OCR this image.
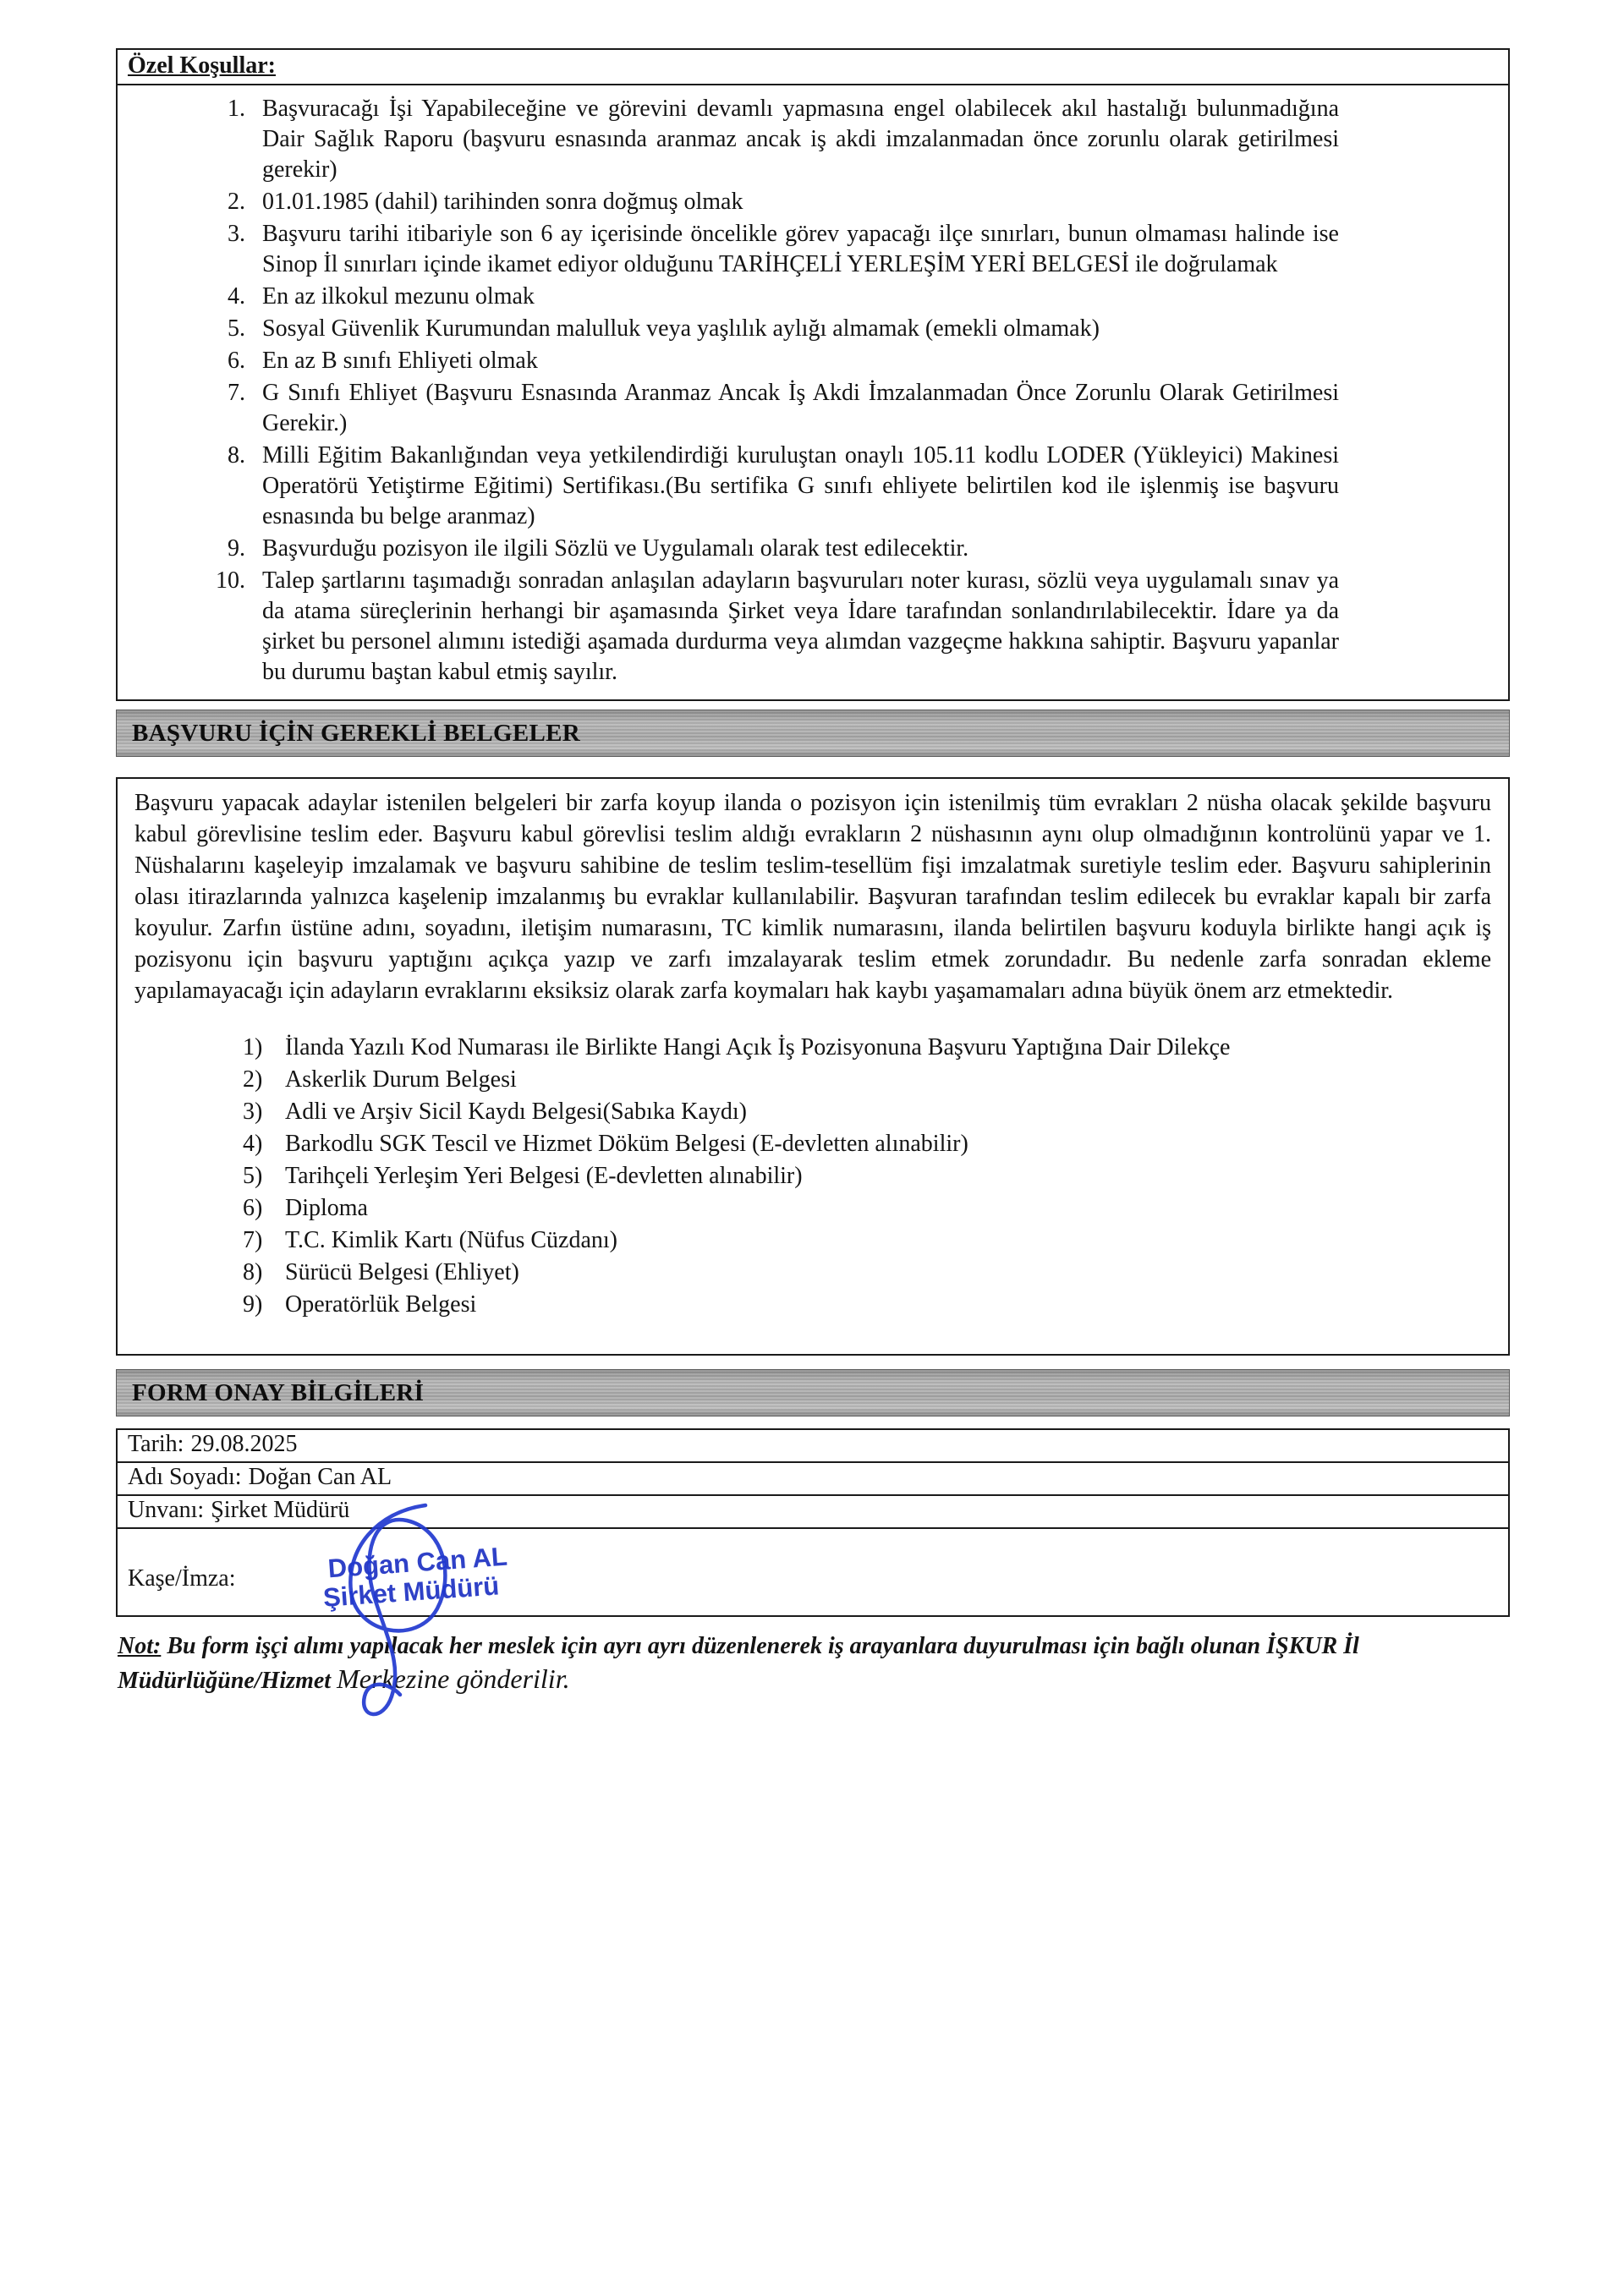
Özel Koşullar:
1. Başvuracağı İşi Yapabileceğine ve görevini devamlı yapmasına engel olabilecek akıl hastalığı bulunmadığına Dair Sağlık Raporu (başvuru esnasında aranmaz ancak iş akdi imzalanmadan önce zorunlu olarak getirilmesi gerekir)
2. 01.01.1985 (dahil) tarihinden sonra doğmuş olmak
3. Başvuru tarihi itibariyle son 6 ay içerisinde öncelikle görev yapacağı ilçe sınırları, bunun olmaması halinde ise Sinop İl sınırları içinde ikamet ediyor olduğunu TARİHÇELİ YERLEŞİM YERİ BELGESİ ile doğrulamak
4. En az ilkokul mezunu olmak
5. Sosyal Güvenlik Kurumundan malulluk veya yaşlılık aylığı almamak (emekli olmamak)
6. En az B sınıfı Ehliyeti olmak
7. G Sınıfı Ehliyet (Başvuru Esnasında Aranmaz Ancak İş Akdi İmzalanmadan Önce Zorunlu Olarak Getirilmesi Gerekir.)
8. Milli Eğitim Bakanlığından veya yetkilendirdiği kuruluştan onaylı 105.11 kodlu LODER (Yükleyici) Makinesi Operatörü Yetiştirme Eğitimi) Sertifikası.(Bu sertifika G sınıfı ehliyete belirtilen kod ile işlenmiş ise başvuru esnasında bu belge aranmaz)
9. Başvurduğu pozisyon ile ilgili Sözlü ve Uygulamalı olarak test edilecektir.
10. Talep şartlarını taşımadığı sonradan anlaşılan adayların başvuruları noter kurası, sözlü veya uygulamalı sınav ya da atama süreçlerinin herhangi bir aşamasında Şirket veya İdare tarafından sonlandırılabilecektir. İdare ya da şirket bu personel alımını istediği aşamada durdurma veya alımdan vazgeçme hakkına sahiptir. Başvuru yapanlar bu durumu baştan kabul etmiş sayılır.
BAŞVURU İÇİN GEREKLİ BELGELER

Başvuru yapacak adaylar istenilen belgeleri bir zarfa koyup ilanda o pozisyon için istenilmiş tüm evrakları 2 nüsha olacak şekilde başvuru kabul görevlisine teslim eder. Başvuru kabul görevlisi teslim aldığı evrakların 2 nüshasının aynı olup olmadığının kontrolünü yapar ve 1. Nüshalarını kaşeleyip imzalamak ve başvuru sahibine de teslim teslim-tesellüm fişi imzalatmak suretiyle teslim eder. Başvuru sahiplerinin olası itirazlarında yalnızca kaşelenip imzalanmış bu evraklar kullanılabilir. Başvuran tarafından teslim edilecek bu evraklar kapalı bir zarfa koyulur. Zarfın üstüne adını, soyadını, iletişim numarasını, TC kimlik numarasını, ilanda belirtilen başvuru koduyla birlikte hangi açık iş pozisyonu için başvuru yaptığını açıkça yazıp ve zarfı imzalayarak teslim etmek zorundadır. Bu nedenle zarfa sonradan ekleme yapılamayacağı için adayların evraklarını eksiksiz olarak zarfa koymaları hak kaybı yaşamamaları adına büyük önem arz etmektedir.

İlanda Yazılı Kod Numarası ile Birlikte Hangi Açık İş Pozisyonuna Başvuru Yaptığına Dair Dilekçe
Askerlik Durum Belgesi
Adli ve Arşiv Sicil Kaydı Belgesi(Sabıka Kaydı)
Barkodlu SGK Tescil ve Hizmet Döküm Belgesi (E-devletten alınabilir)
Tarihçeli Yerleşim Yeri Belgesi (E-devletten alınabilir)
Diploma
T.C. Kimlik Kartı (Nüfus Cüzdanı)
Sürücü Belgesi (Ehliyet)
Operatörlük Belgesi
FORM ONAY BİLGİLERİ
Tarih: 29.08.2025
Adı Soyadı: Doğan Can AL
Unvanı: Şirket Müdürü
Kaşe/İmza:	Doğan Can AL
Şirket Müdürü

Not: Bu form işçi alımı yapılacak her meslek için ayrı ayrı düzenlenerek iş arayanlara duyurulması için bağlı olunan İŞKUR İl Müdürlüğüne/Hizmet Merkezine gönderilir.
